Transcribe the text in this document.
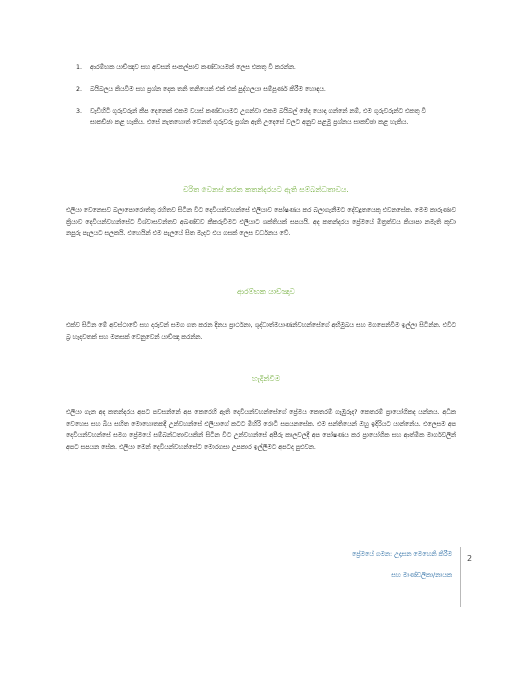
1. ආරම්භක යාච්ඤාව සහ අවසන් සංකල්පාව කණ්ඩායමක් ලෙස එකතු වී කරන්න.
2. බයිබලය කියවීම සහ ප්‍රශ්න දෙක තනි තනියෙන් එක් එක් පුද්ගලයා සම්පූර්ණ කිරීම හොඳය.
3. වැඩිහිටි ගුරුවරුන් කීප දෙනෙක් එකම වයස් කණ්ඩායමට උගන්වා එකම බයිබල් ඡේද යොදා ගන්නේ නම්, එම ගුරුවරුන්ට එකතු වී සාකච්ඡා කළ හැකිය. එසේ නැතහොත් වෙනත් ගුරුවරු ප්‍රශ්න ඇති උදෙසේ වලට අනුව පළමු ප්‍රශ්නය සාකච්ඡා කළ හැකිය.
චරිත වෙනස් කරන කතන්දරයට ඇති සම්බන්ධතාවය.
එලියා වෙනෙසව බලාපොරොත්තු රහිතව සිටින විට දෙවියන්වහන්සේ එලියාව පෝෂණය කර බලාගැනීමට දේවදූතයෙකු එවනසේක. මෙම කාරුණාව ක්‍රියාව දෙවියන්වහන්සේට විශ්වාසවන්තව අඛණ්ඩව කීකරුවීමට එලියාට ශක්තියක් සපයයි. අද කතන්දරය ප්‍රේමයේ මිත්‍රත්වය කියාපා නමැති කුඩා නපුරු පැලයට සලකයි. එහෙයින් එම පැලයේ සිත මැදට එය ගසක් ලෙස වර්ධනය වේ.
ආරම්භක යාච්ඤාව
එක්ව සිටින මේ අවස්ථාවේ සහ දරුවන් සමග ගත කරන දිනය ප්‍රාර්ථනා, ශුද්ධාත්මයාණන්වහන්සේගේ අභිමුඛය සහ මගපෙන්වීම ඉල්ලා සිටින්න. එවිට බ්‍ර හැදවතක් සහ මනසක් වෙනුවෙන් යාච්ඤා කරන්න.
හැදින්වීම
එලියා ගැන අද කතන්දරය අපට පවසන්නේ අප කෙරෙහි ඇති දෙවියන්වහන්සේගේ ප්‍රේමය කෙතරම් ගැඹුරුද? කෙතරම් ප්‍රායෝගිකද යන්නය. අධික වෙහෙස සහ බිය සහිත මොහොතකදී උන්වහන්සේ එලියාගේ කටට මිහිරි රොටි සපයනසේක. එම සන්තියෙන් ඔහු ඉදිරියට යාන්නේය. එලෙසම අප දෙවියන්වහන්සේ සමග ප්‍රේමයේ සම්බන්ධතාවයකින් සිටින විට උන්වහන්සේ අපීරු කාලවලදී අප පෝෂණය කර ප්‍රායෝගික සහ ආත්මික මාර්ගවලින් අපට සපයන සේක. එලියා මෙන් දෙවියන්වහන්සේට මොරගසා උපකාර ඉල්ලීමට අපටද පුළුවන.
ප්‍රේමයේ ගමන: උදෑසන මෙහෙනි කිරීම
සහ මාණ්ඩලිකා/නායක
2
